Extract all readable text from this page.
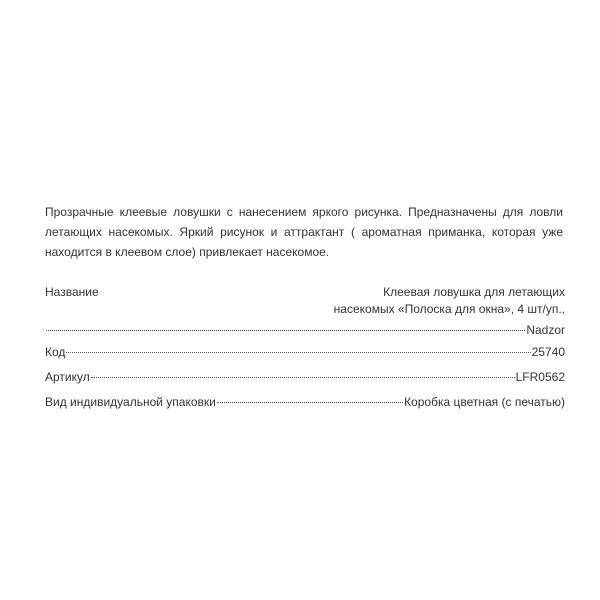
Прозрачные клеевые ловушки с нанесением яркого рисунка. Предназначены для ловли летающих насекомых. Яркий рисунок и аттрактант ( ароматная приманка, которая уже находится в клеевом слое) привлекает насекомое.

Название	Клеевая ловушка для летающих
насекомых «Полоска для окна», 4 шт/уп.,
Nadzor
Код	25740
Артикул	LFR0562
Вид индивидуальной упаковки	Коробка цветная (с печатью)
